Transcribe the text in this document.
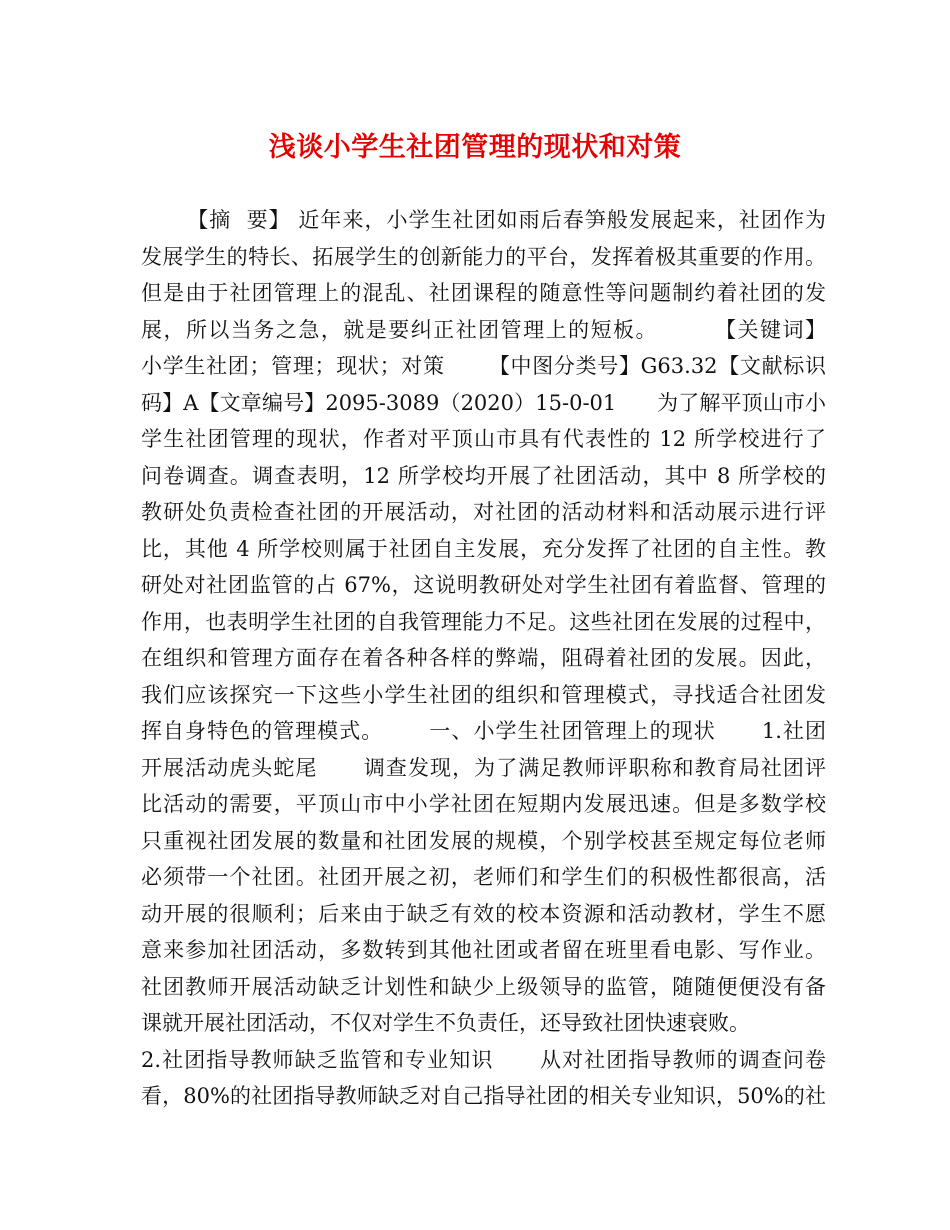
浅谈小学生社团管理的现状和对策
【摘  要】 近年来，小学生社团如雨后春笋般发展起来，社团作为
发展学生的特长、拓展学生的创新能力的平台，发挥着极其重要的作用。
但是由于社团管理上的混乱、社团课程的随意性等问题制约着社团的发
展，所以当务之急，就是要纠正社团管理上的短板。       【关键词】
小学生社团；管理；现状；对策      【中图分类号】G63.32【文献标识
码】A【文章编号】2095-3089（2020）15-0-01      为了解平顶山市小
学生社团管理的现状，作者对平顶山市具有代表性的 12 所学校进行了
问卷调查。调查表明，12 所学校均开展了社团活动，其中 8 所学校的
教研处负责检查社团的开展活动，对社团的活动材料和活动展示进行评
比，其他 4 所学校则属于社团自主发展，充分发挥了社团的自主性。教
研处对社团监管的占 67%，这说明教研处对学生社团有着监督、管理的
作用，也表明学生社团的自我管理能力不足。这些社团在发展的过程中，
在组织和管理方面存在着各种各样的弊端，阻碍着社团的发展。因此，
我们应该探究一下这些小学生社团的组织和管理模式，寻找适合社团发
挥自身特色的管理模式。      一、小学生社团管理上的现状      1.社团
开展活动虎头蛇尾      调查发现，为了满足教师评职称和教育局社团评
比活动的需要，平顶山市中小学社团在短期内发展迅速。但是多数学校
只重视社团发展的数量和社团发展的规模，个别学校甚至规定每位老师
必须带一个社团。社团开展之初，老师们和学生们的积极性都很高，活
动开展的很顺利；后来由于缺乏有效的校本资源和活动教材，学生不愿
意来参加社团活动，多数转到其他社团或者留在班里看电影、写作业。
社团教师开展活动缺乏计划性和缺少上级领导的监管，随随便便没有备
课就开展社团活动，不仅对学生不负责任，还导致社团快速衰败。
2.社团指导教师缺乏监管和专业知识      从对社团指导教师的调查问卷
看，80%的社团指导教师缺乏对自己指导社团的相关专业知识，50%的社
